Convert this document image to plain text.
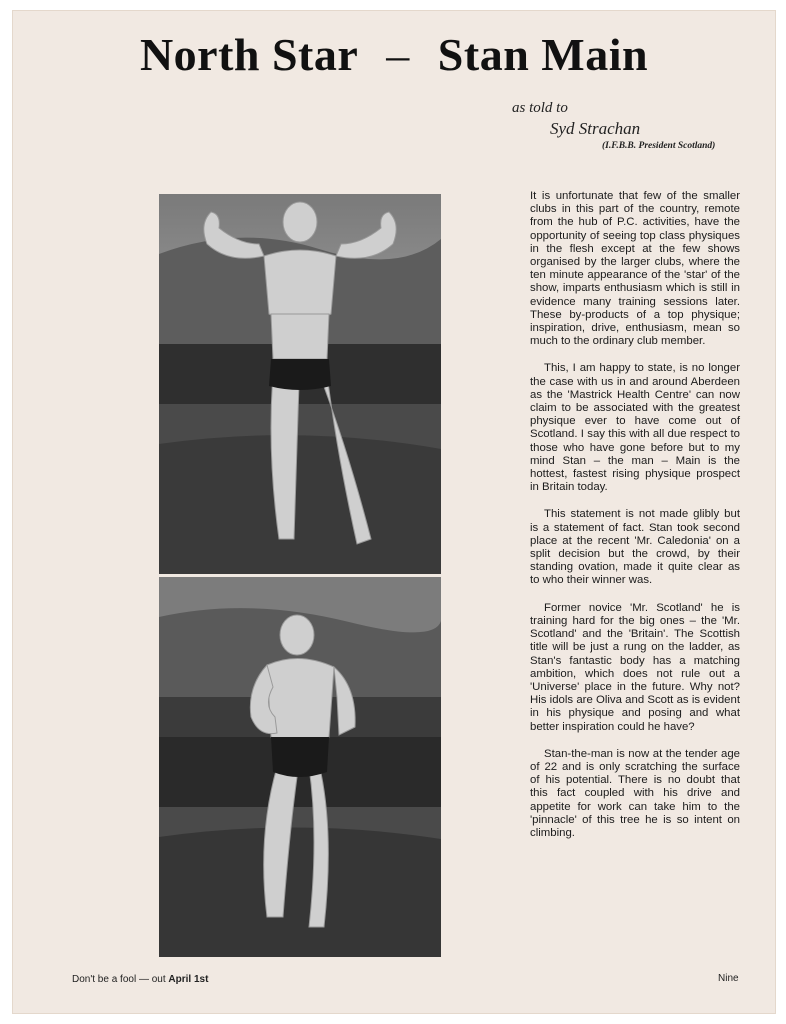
North Star – Stan Main
as told to
Syd Strachan
(I.F.B.B. President Scotland)

It is unfortunate that few of the smaller clubs in this part of the country, remote from the hub of P.C. activities, have the opportunity of seeing top class physiques in the flesh except at the few shows organised by the larger clubs, where the ten minute appearance of the 'star' of the show, imparts enthusiasm which is still in evidence many training sessions later. These by-products of a top physique; inspiration, drive, enthusiasm, mean so much to the ordinary club member.

This, I am happy to state, is no longer the case with us in and around Aberdeen as the 'Mastrick Health Centre' can now claim to be associated with the greatest physique ever to have come out of Scotland. I say this with all due respect to those who have gone before but to my mind Stan – the man – Main is the hottest, fastest rising physique prospect in Britain today.

This statement is not made glibly but is a statement of fact. Stan took second place at the recent 'Mr. Caledonia' on a split decision but the crowd, by their standing ovation, made it quite clear as to who their winner was.

Former novice 'Mr. Scotland' he is training hard for the big ones – the 'Mr. Scotland' and the 'Britain'. The Scottish title will be just a rung on the ladder, as Stan's fantastic body has a matching ambition, which does not rule out a 'Universe' place in the future. Why not? His idols are Oliva and Scott as is evident in his physique and posing and what better inspiration could he have?

Stan-the-man is now at the tender age of 22 and is only scratching the surface of his potential. There is no doubt that this fact coupled with his drive and appetite for work can take him to the 'pinnacle' of this tree he is so intent on climbing.

Don't be a fool — out April 1st	Nine
